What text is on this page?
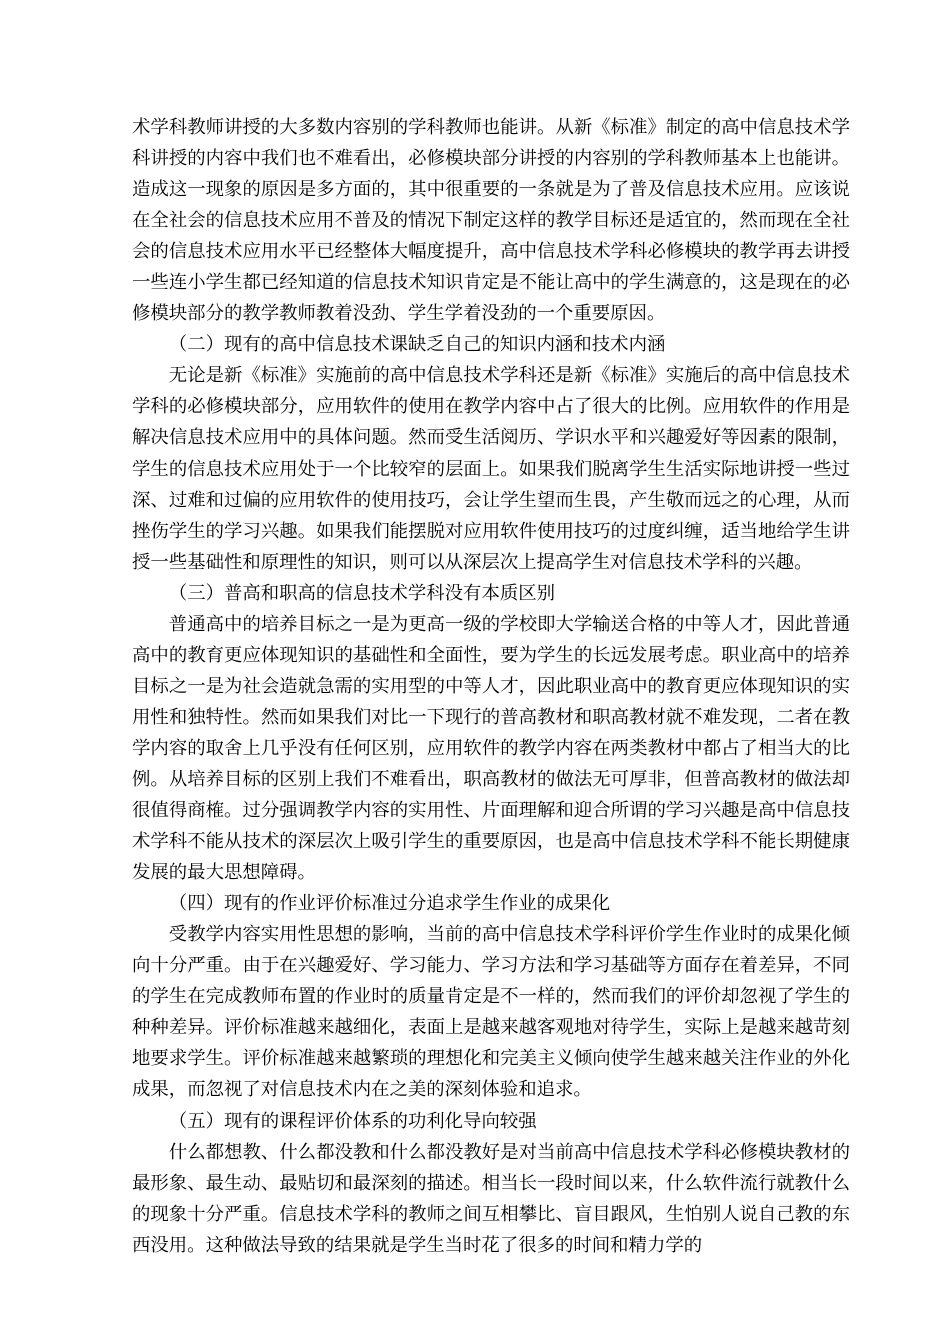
术学科教师讲授的大多数内容别的学科教师也能讲。从新《标准》制定的高中信息技术学科讲授的内容中我们也不难看出，必修模块部分讲授的内容别的学科教师基本上也能讲。造成这一现象的原因是多方面的，其中很重要的一条就是为了普及信息技术应用。应该说在全社会的信息技术应用不普及的情况下制定这样的教学目标还是适宜的，然而现在全社会的信息技术应用水平已经整体大幅度提升，高中信息技术学科必修模块的教学再去讲授一些连小学生都已经知道的信息技术知识肯定是不能让高中的学生满意的，这是现在的必修模块部分的教学教师教着没劲、学生学着没劲的一个重要原因。

（二）现有的高中信息技术课缺乏自己的知识内涵和技术内涵

无论是新《标准》实施前的高中信息技术学科还是新《标准》实施后的高中信息技术学科的必修模块部分，应用软件的使用在教学内容中占了很大的比例。应用软件的作用是解决信息技术应用中的具体问题。然而受生活阅历、学识水平和兴趣爱好等因素的限制，学生的信息技术应用处于一个比较窄的层面上。如果我们脱离学生生活实际地讲授一些过深、过难和过偏的应用软件的使用技巧，会让学生望而生畏，产生敬而远之的心理，从而挫伤学生的学习兴趣。如果我们能摆脱对应用软件使用技巧的过度纠缠，适当地给学生讲授一些基础性和原理性的知识，则可以从深层次上提高学生对信息技术学科的兴趣。

（三）普高和职高的信息技术学科没有本质区别

普通高中的培养目标之一是为更高一级的学校即大学输送合格的中等人才，因此普通高中的教育更应体现知识的基础性和全面性，要为学生的长远发展考虑。职业高中的培养目标之一是为社会造就急需的实用型的中等人才，因此职业高中的教育更应体现知识的实用性和独特性。然而如果我们对比一下现行的普高教材和职高教材就不难发现，二者在教学内容的取舍上几乎没有任何区别，应用软件的教学内容在两类教材中都占了相当大的比例。从培养目标的区别上我们不难看出，职高教材的做法无可厚非，但普高教材的做法却很值得商榷。过分强调教学内容的实用性、片面理解和迎合所谓的学习兴趣是高中信息技术学科不能从技术的深层次上吸引学生的重要原因，也是高中信息技术学科不能长期健康发展的最大思想障碍。

（四）现有的作业评价标准过分追求学生作业的成果化

受教学内容实用性思想的影响，当前的高中信息技术学科评价学生作业时的成果化倾向十分严重。由于在兴趣爱好、学习能力、学习方法和学习基础等方面存在着差异，不同的学生在完成教师布置的作业时的质量肯定是不一样的，然而我们的评价却忽视了学生的种种差异。评价标准越来越细化，表面上是越来越客观地对待学生，实际上是越来越苛刻地要求学生。评价标准越来越繁琐的理想化和完美主义倾向使学生越来越关注作业的外化成果，而忽视了对信息技术内在之美的深刻体验和追求。

（五）现有的课程评价体系的功利化导向较强

什么都想教、什么都没教和什么都没教好是对当前高中信息技术学科必修模块教材的最形象、最生动、最贴切和最深刻的描述。相当长一段时间以来，什么软件流行就教什么的现象十分严重。信息技术学科的教师之间互相攀比、盲目跟风，生怕别人说自己教的东西没用。这种做法导致的结果就是学生当时花了很多的时间和精力学的
